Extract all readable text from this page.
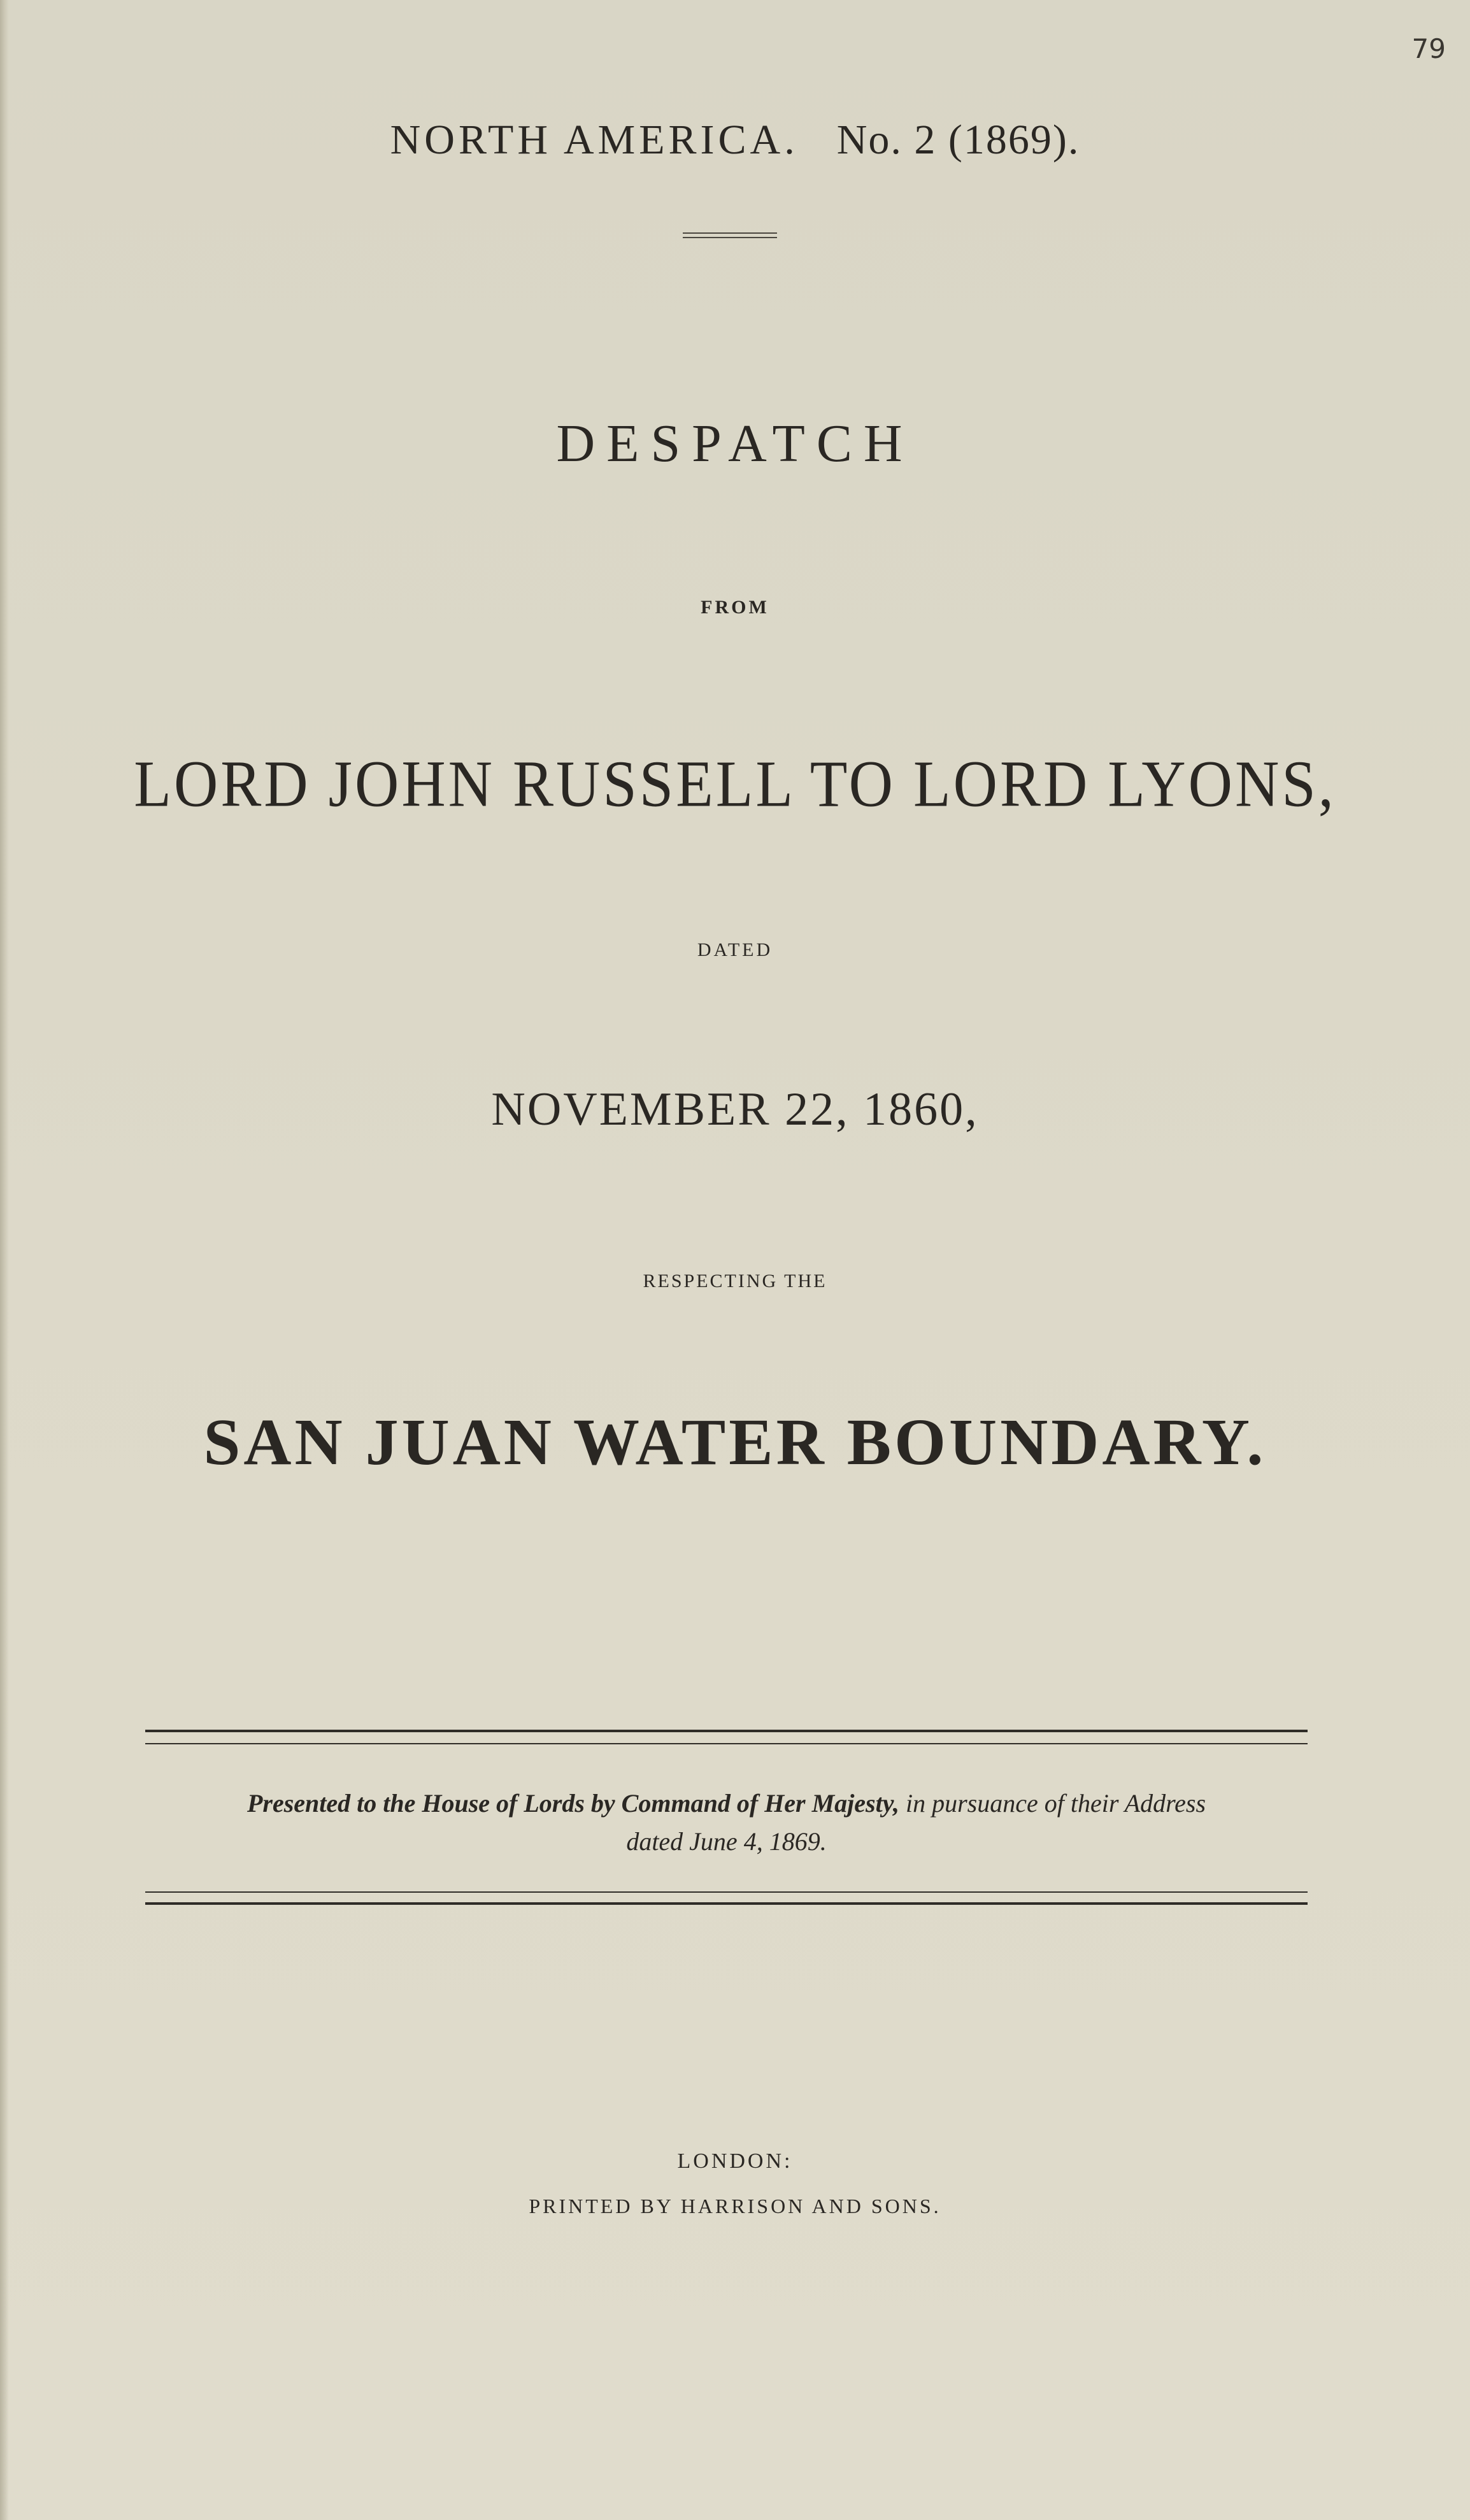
79
NORTH AMERICA. No. 2 (1869).
DESPATCH
FROM
LORD JOHN RUSSELL TO LORD LYONS,
DATED
NOVEMBER 22, 1860,
RESPECTING THE
SAN JUAN WATER BOUNDARY.
Presented to the House of Lords by Command of Her Majesty, in pursuance of their Address
dated June 4, 1869.
LONDON:
PRINTED BY HARRISON AND SONS.
